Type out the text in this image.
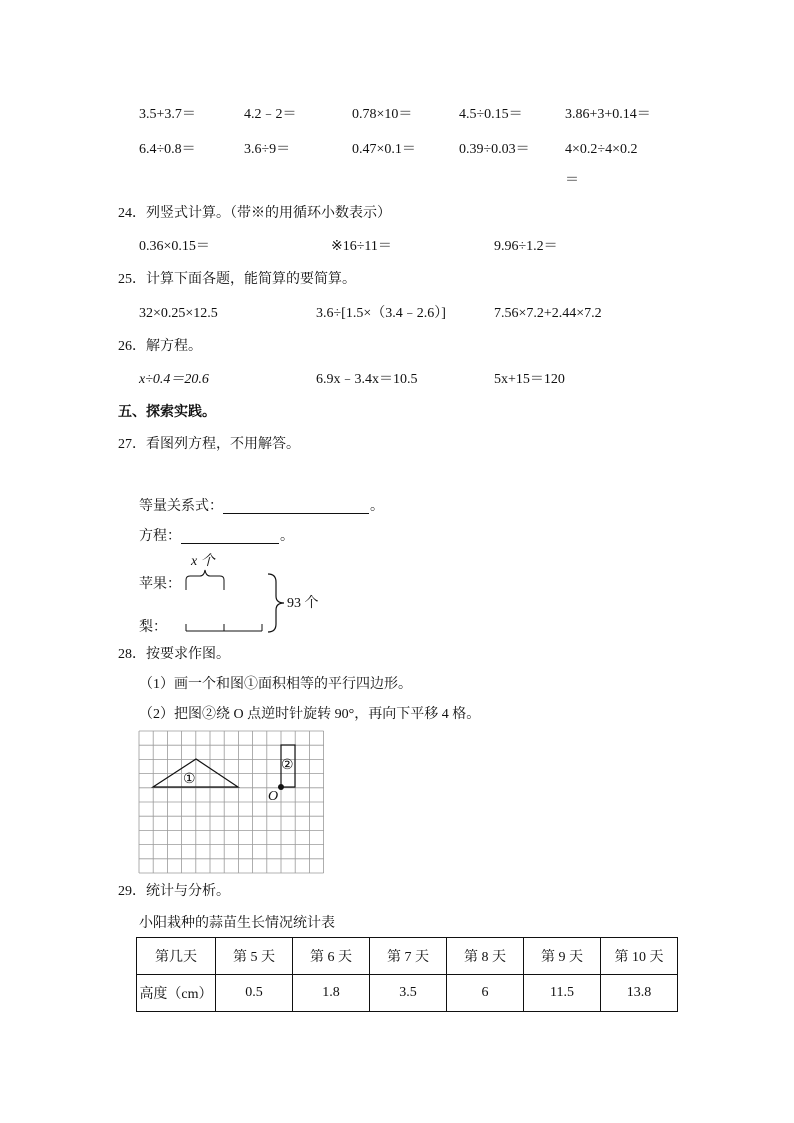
3.5+3.7＝	4.2﹣2＝	0.78×10＝	4.5÷0.15＝	3.86+3+0.14＝
6.4÷0.8＝	3.6÷9＝	0.47×0.1＝	0.39÷0.03＝	4×0.2÷4×0.2
＝
24．列竖式计算。（带※的用循环小数表示）
0.36×0.15＝	※16÷11＝	9.96÷1.2＝
25．计算下面各题，能简算的要简算。
32×0.25×12.5	3.6÷[1.5×（3.4﹣2.6）]	7.56×7.2+2.44×7.2
26．解方程。
x÷0.4＝20.6	6.9x﹣3.4x＝10.5	5x+15＝120
五、探索实践。
27．看图列方程，不用解答。
等量关系式：	。
方程：	。
x 个
苹果：
梨：
93 个
28．按要求作图。
（1）画一个和图①面积相等的平行四边形。
（2）把图②绕 O 点逆时针旋转 90°，再向下平移 4 格。
①
②
O
29．统计与分析。
小阳栽种的蒜苗生长情况统计表
第几天	第 5 天	第 6 天	第 7 天	第 8 天	第 9 天	第 10 天
高度（cm）	0.5	1.8	3.5	6	11.5	13.8
